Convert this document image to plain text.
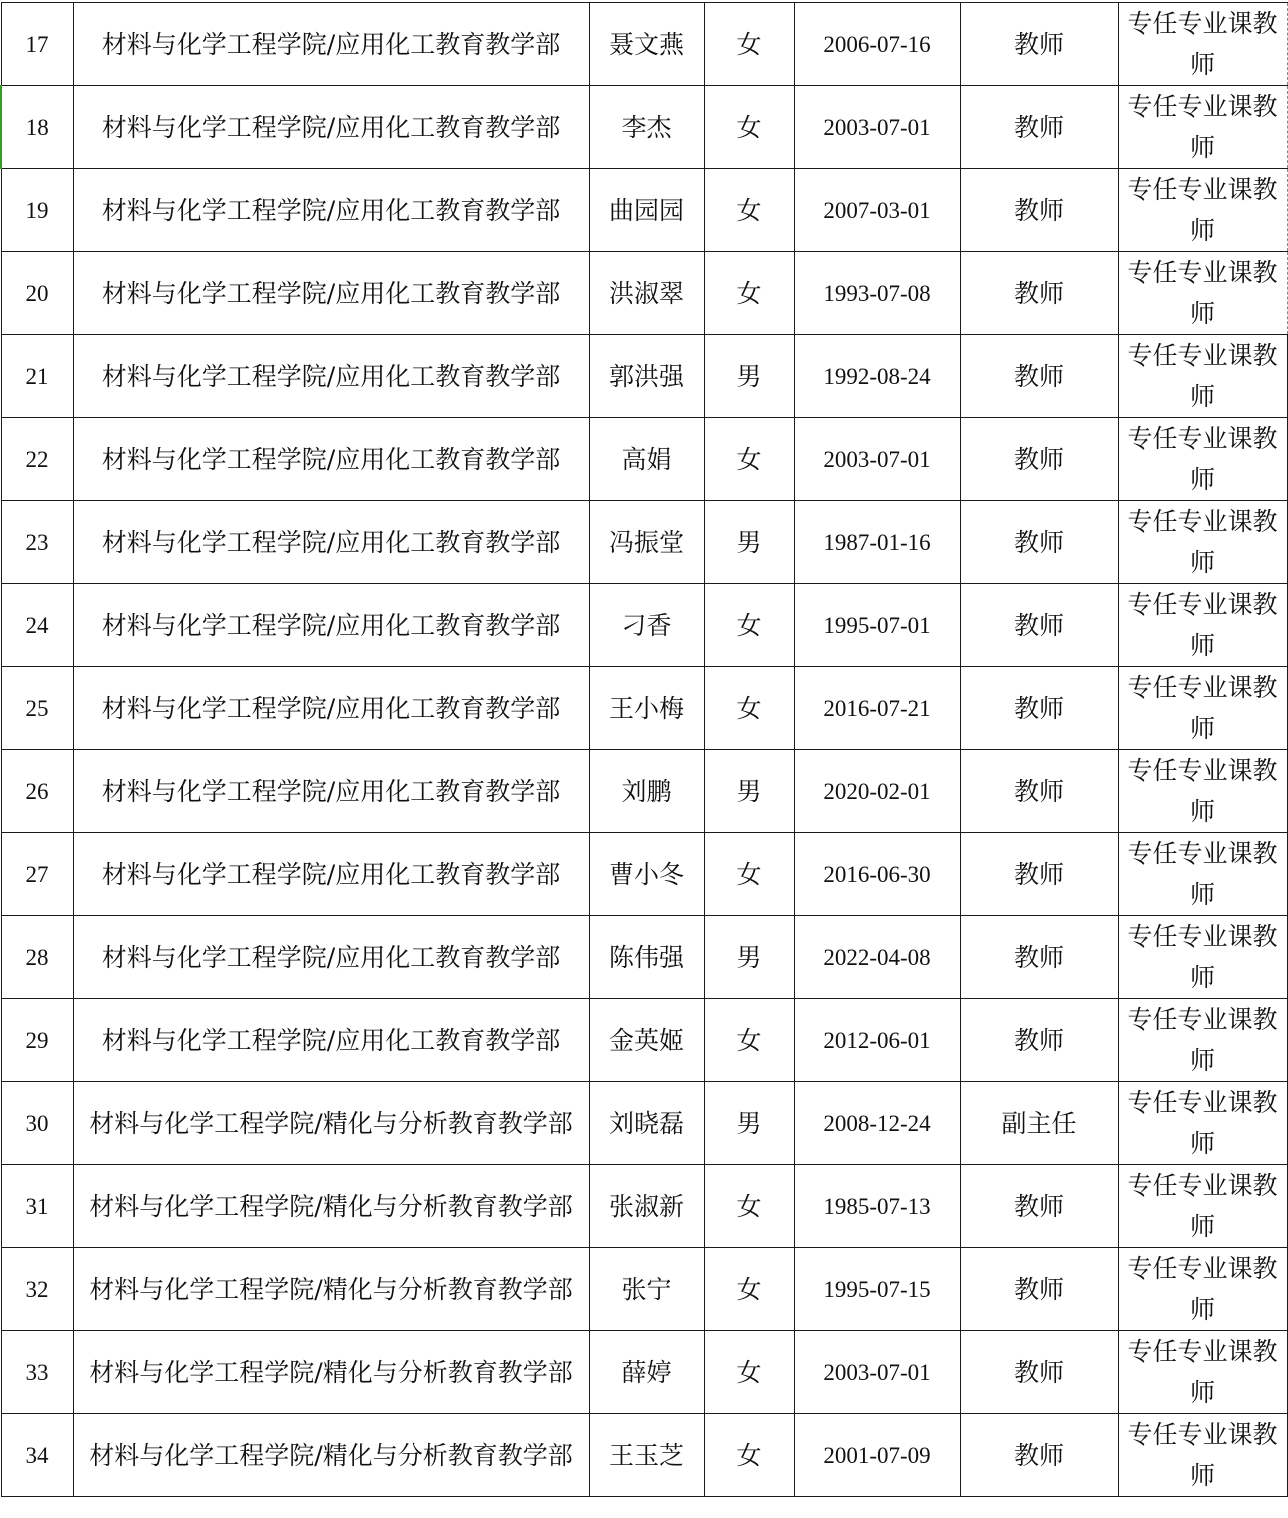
17	材料与化学工程学院/应用化工教育教学部	聂文燕	女	2006-07-16	教师	专任专业课教师
18	材料与化学工程学院/应用化工教育教学部	李杰	女	2003-07-01	教师	专任专业课教师
19	材料与化学工程学院/应用化工教育教学部	曲园园	女	2007-03-01	教师	专任专业课教师
20	材料与化学工程学院/应用化工教育教学部	洪淑翠	女	1993-07-08	教师	专任专业课教师
21	材料与化学工程学院/应用化工教育教学部	郭洪强	男	1992-08-24	教师	专任专业课教师
22	材料与化学工程学院/应用化工教育教学部	高娟	女	2003-07-01	教师	专任专业课教师
23	材料与化学工程学院/应用化工教育教学部	冯振堂	男	1987-01-16	教师	专任专业课教师
24	材料与化学工程学院/应用化工教育教学部	刁香	女	1995-07-01	教师	专任专业课教师
25	材料与化学工程学院/应用化工教育教学部	王小梅	女	2016-07-21	教师	专任专业课教师
26	材料与化学工程学院/应用化工教育教学部	刘鹏	男	2020-02-01	教师	专任专业课教师
27	材料与化学工程学院/应用化工教育教学部	曹小冬	女	2016-06-30	教师	专任专业课教师
28	材料与化学工程学院/应用化工教育教学部	陈伟强	男	2022-04-08	教师	专任专业课教师
29	材料与化学工程学院/应用化工教育教学部	金英姬	女	2012-06-01	教师	专任专业课教师
30	材料与化学工程学院/精化与分析教育教学部	刘晓磊	男	2008-12-24	副主任	专任专业课教师
31	材料与化学工程学院/精化与分析教育教学部	张淑新	女	1985-07-13	教师	专任专业课教师
32	材料与化学工程学院/精化与分析教育教学部	张宁	女	1995-07-15	教师	专任专业课教师
33	材料与化学工程学院/精化与分析教育教学部	薛婷	女	2003-07-01	教师	专任专业课教师
34	材料与化学工程学院/精化与分析教育教学部	王玉芝	女	2001-07-09	教师	专任专业课教师
